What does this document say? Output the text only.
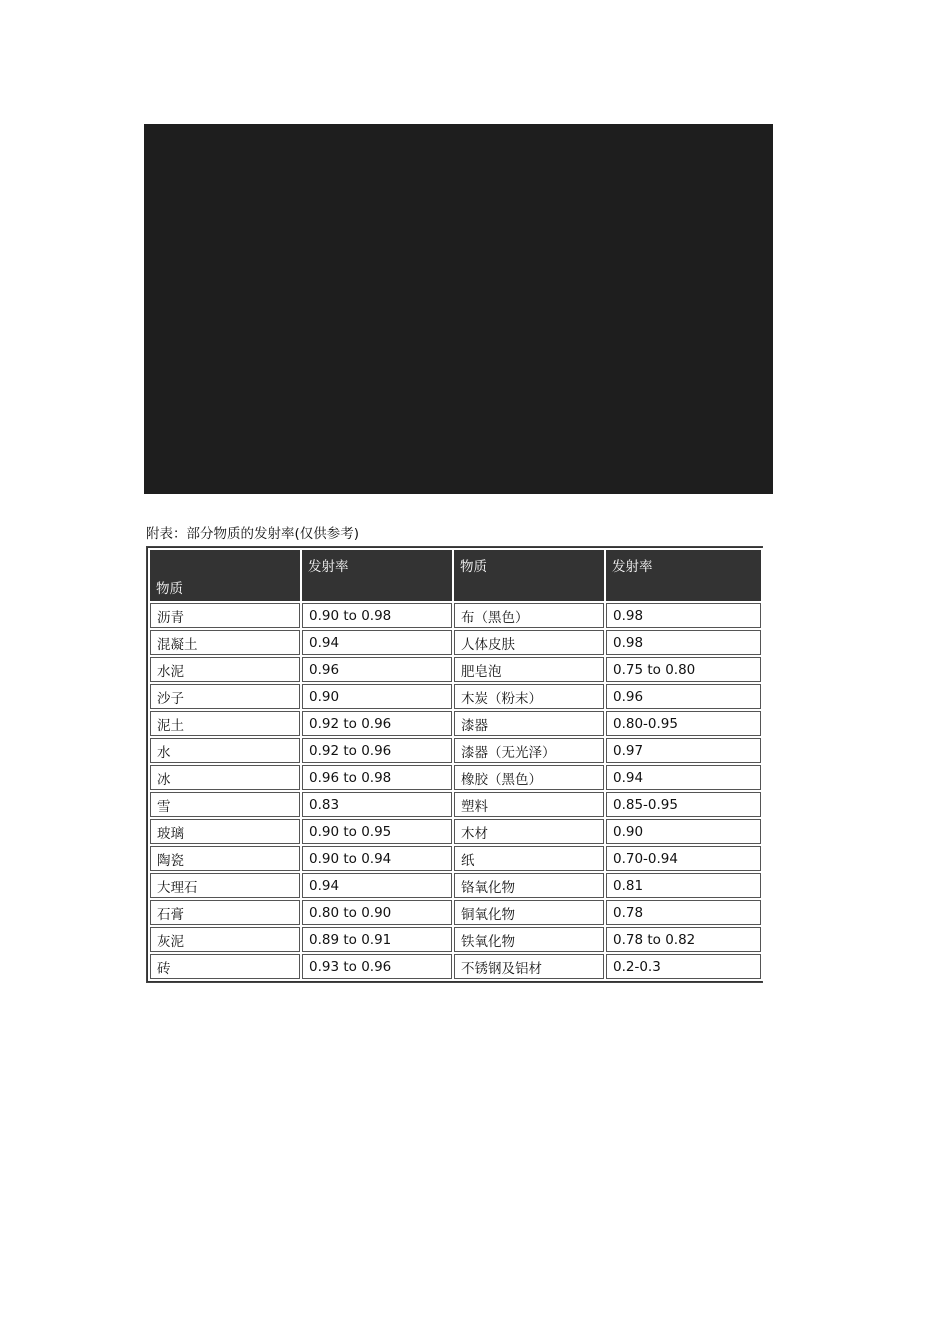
附表：部分物质的发射率(仅供参考)
物质	发射率	物质	发射率
沥青	0.90 to 0.98	布（黑色）	0.98
混凝土	0.94	人体皮肤	0.98
水泥	0.96	肥皂泡	0.75 to 0.80
沙子	0.90	木炭（粉末）	0.96
泥土	0.92 to 0.96	漆器	0.80-0.95
水	0.92 to 0.96	漆器（无光泽）	0.97
冰	0.96 to 0.98	橡胶（黑色）	0.94
雪	0.83	塑料	0.85-0.95
玻璃	0.90 to 0.95	木材	0.90
陶瓷	0.90 to 0.94	纸	0.70-0.94
大理石	0.94	铬氧化物	0.81
石膏	0.80 to 0.90	铜氧化物	0.78
灰泥	0.89 to 0.91	铁氧化物	0.78 to 0.82
砖	0.93 to 0.96	不锈钢及铝材	0.2-0.3
